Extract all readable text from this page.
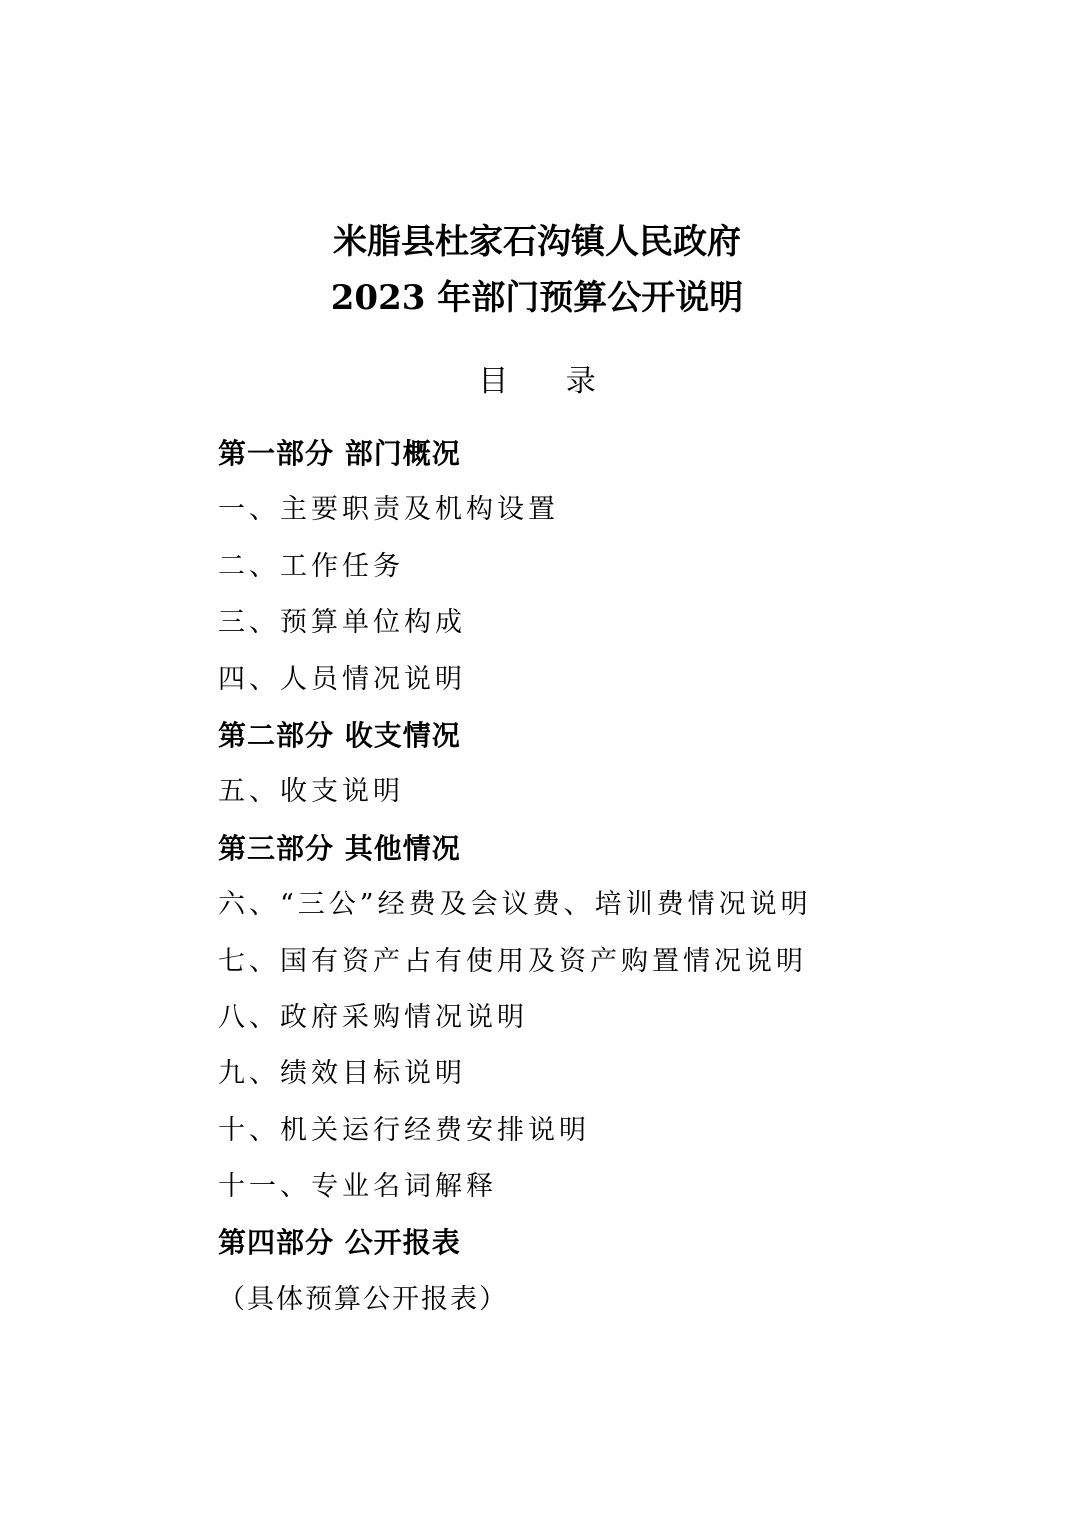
米脂县杜家石沟镇人民政府
2023 年部门预算公开说明
目 录
第一部分 部门概况
一、主要职责及机构设置
二、工作任务
三、预算单位构成
四、人员情况说明
第二部分 收支情况
五、收支说明
第三部分 其他情况
六、“三公”经费及会议费、培训费情况说明
七、国有资产占有使用及资产购置情况说明
八、政府采购情况说明
九、绩效目标说明
十、机关运行经费安排说明
十一、专业名词解释
第四部分 公开报表
（具体预算公开报表）
